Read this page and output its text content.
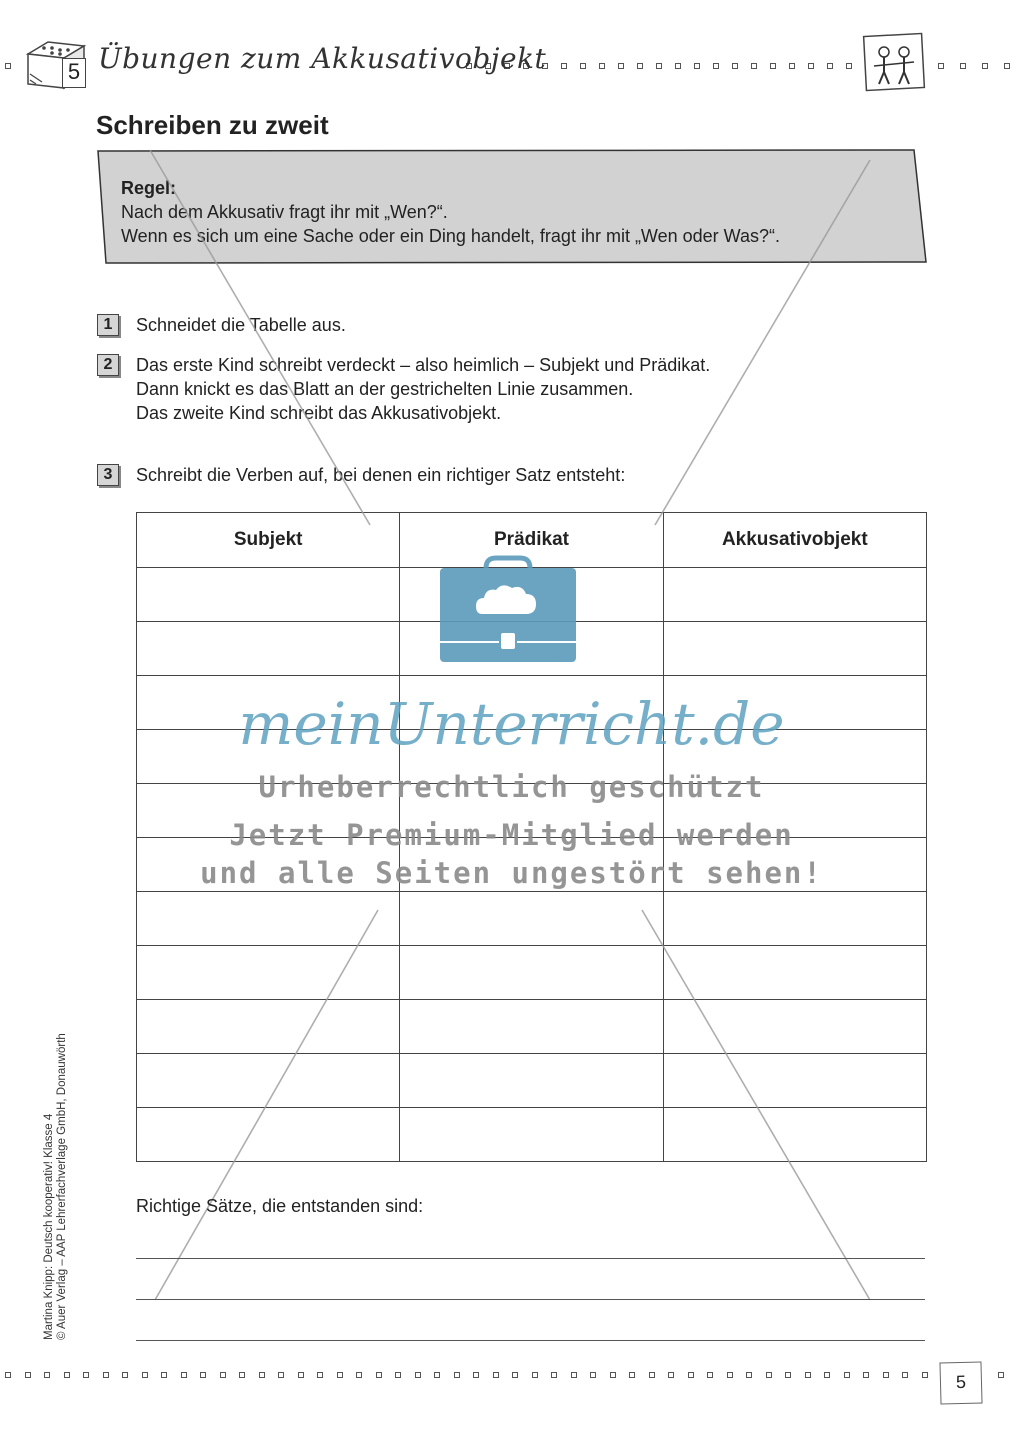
5 Übungen zum Akkusativobjekt
Schreiben zu zweit
Regel:
Nach dem Akkusativ fragt ihr mit „Wen?“.
Wenn es sich um eine Sache oder ein Ding handelt, fragt ihr mit „Wen oder Was?“.
1	Schneidet die Tabelle aus.
2	Das erste Kind schreibt verdeckt – also heimlich – Subjekt und Prädikat.
Dann knickt es das Blatt an der gestrichelten Linie zusammen.
Das zweite Kind schreibt das Akkusativobjekt.
3	Schreibt die Verben auf, bei denen ein richtiger Satz entsteht:
Subjekt	Prädikat	Akkusativobjekt

meinUnterricht.de
Urheberrechtlich geschützt
Jetzt Premium-Mitglied werden
und alle Seiten ungestört sehen!
Richtige Sätze, die entstanden sind:
Martina Knipp: Deutsch kooperativ! Klasse 4 © Auer Verlag – AAP Lehrerfachverlage GmbH, Donauwörth
5
